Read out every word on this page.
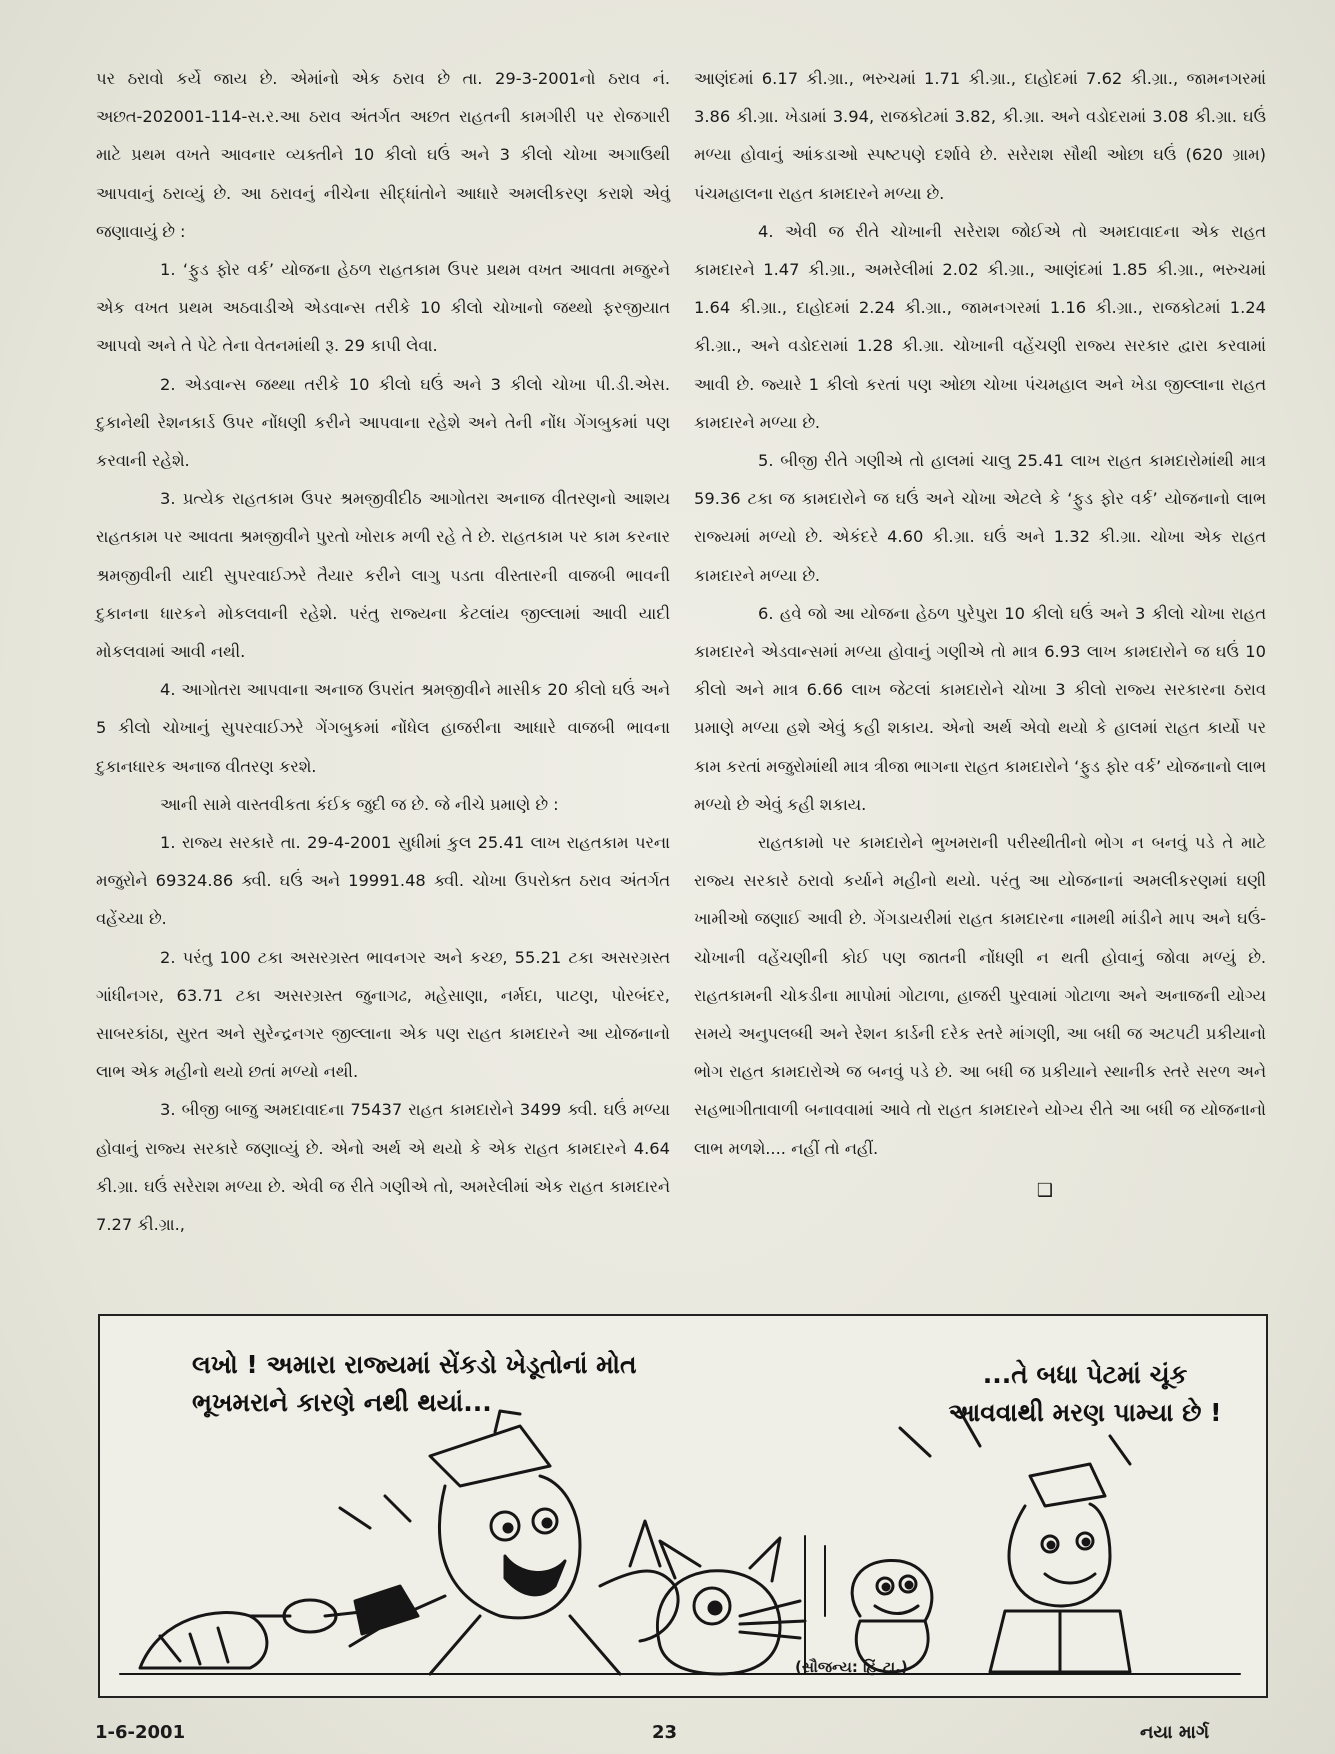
પર ઠરાવો કર્યે જાય છે. એમાંનો એક ઠરાવ છે તા. 29-3-2001નો ઠરાવ નં. અછત-202001-114-સ.ર.આ ઠરાવ અંતર્ગત અછત રાહતની કામગીરી પર રોજગારી માટે પ્રથમ વખતે આવનાર વ્યક્તીને 10 કીલો ઘઉં અને 3 કીલો ચોખા અગાઉથી આપવાનું ઠરાવ્યું છે. આ ઠરાવનું નીચેના સીદ્ધાંતોને આધારે અમલીકરણ કરાશે એવું જણાવાયું છે :

1. ‘ફુડ ફોર વર્ક’ યોજના હેઠળ રાહતકામ ઉપર પ્રથમ વખત આવતા મજુરને એક વખત પ્રથમ અઠવાડીએ એડવાન્સ તરીકે 10 કીલો ચોખાનો જથ્થો ફરજીયાત આપવો અને તે પેટે તેના વેતનમાંથી રૂ. 29 કાપી લેવા.

2. એડવાન્સ જથ્થા તરીકે 10 કીલો ઘઉં અને 3 કીલો ચોખા પી.ડી.એસ. દુકાનેથી રેશનકાર્ડ ઉપર નોંધણી કરીને આપવાના રહેશે અને તેની નોંધ ગેંગબુકમાં પણ કરવાની રહેશે.

3. પ્રત્યેક રાહતકામ ઉપર શ્રમજીવીદીઠ આગોતરા અનાજ વીતરણનો આશય રાહતકામ પર આવતા શ્રમજીવીને પુરતો ખોરાક મળી રહે તે છે. રાહતકામ પર કામ કરનાર શ્રમજીવીની યાદી સુપરવાઈઝરે તૈયાર કરીને લાગુ પડતા વીસ્તારની વાજબી ભાવની દુકાનના ધારકને મોકલવાની રહેશે. પરંતુ રાજ્યના કેટલાંય જીલ્લામાં આવી યાદી મોકલવામાં આવી નથી.

4. આગોતરા આપવાના અનાજ ઉપરાંત શ્રમજીવીને માસીક 20 કીલો ઘઉં અને 5 કીલો ચોખાનું સુપરવાઈઝરે ગેંગબુકમાં નોંધેલ હાજરીના આધારે વાજબી ભાવના દુકાનધારક અનાજ વીતરણ કરશે.

આની સામે વાસ્તવીકતા કંઈક જુદી જ છે. જે નીચે પ્રમાણે છે :

1. રાજ્ય સરકારે તા. 29-4-2001 સુધીમાં કુલ 25.41 લાખ રાહતકામ પરના મજુરોને 69324.86 ક્વી. ઘઉં અને 19991.48 ક્વી. ચોખા ઉપરોક્ત ઠરાવ અંતર્ગત વહેંચ્યા છે.

2. પરંતુ 100 ટકા અસરગ્રસ્ત ભાવનગર અને કચ્છ, 55.21 ટકા અસરગ્રસ્ત ગાંધીનગર, 63.71 ટકા અસરગ્રસ્ત જુનાગઢ, મહેસાણા, નર્મદા, પાટણ, પોરબંદર, સાબરકાંઠા, સુરત અને સુરેન્દ્રનગર જીલ્લાના એક પણ રાહત કામદારને આ યોજનાનો લાભ એક મહીનો થયો છતાં મળ્યો નથી.

3. બીજી બાજુ અમદાવાદના 75437 રાહત કામદારોને 3499 ક્વી. ઘઉં મળ્યા હોવાનું રાજ્ય સરકારે જણાવ્યું છે. એનો અર્થ એ થયો કે એક રાહત કામદારને 4.64 કી.ગ્રા. ઘઉં સરેરાશ મળ્યા છે. એવી જ રીતે ગણીએ તો, અમરેલીમાં એક રાહત કામદારને 7.27 કી.ગ્રા.,

આણંદમાં 6.17 કી.ગ્રા., ભરુચમાં 1.71 કી.ગ્રા., દાહોદમાં 7.62 કી.ગ્રા., જામનગરમાં 3.86 કી.ગ્રા. ખેડામાં 3.94, રાજકોટમાં 3.82, કી.ગ્રા. અને વડોદરામાં 3.08 કી.ગ્રા. ઘઉં મળ્યા હોવાનું આંકડાઓ સ્પષ્ટપણે દર્શાવે છે. સરેરાશ સૌથી ઓછા ઘઉં (620 ગ્રામ) પંચમહાલના રાહત કામદારને મળ્યા છે.

4. એવી જ રીતે ચોખાની સરેરાશ જોઈએ તો અમદાવાદના એક રાહત કામદારને 1.47 કી.ગ્રા., અમરેલીમાં 2.02 કી.ગ્રા., આણંદમાં 1.85 કી.ગ્રા., ભરુચમાં 1.64 કી.ગ્રા., દાહોદમાં 2.24 કી.ગ્રા., જામનગરમાં 1.16 કી.ગ્રા., રાજકોટમાં 1.24 કી.ગ્રા., અને વડોદરામાં 1.28 કી.ગ્રા. ચોખાની વહેંચણી રાજ્ય સરકાર દ્વારા કરવામાં આવી છે. જ્યારે 1 કીલો કરતાં પણ ઓછા ચોખા પંચમહાલ અને ખેડા જીલ્લાના રાહત કામદારને મળ્યા છે.

5. બીજી રીતે ગણીએ તો હાલમાં ચાલુ 25.41 લાખ રાહત કામદારોમાંથી માત્ર 59.36 ટકા જ કામદારોને જ ઘઉં અને ચોખા એટલે કે ‘ફુડ ફોર વર્ક’ યોજનાનો લાભ રાજ્યમાં મળ્યો છે. એકંદરે 4.60 કી.ગ્રા. ઘઉં અને 1.32 કી.ગ્રા. ચોખા એક રાહત કામદારને મળ્યા છે.

6. હવે જો આ યોજના હેઠળ પુરેપુરા 10 કીલો ઘઉં અને 3 કીલો ચોખા રાહત કામદારને એડવાન્સમાં મળ્યા હોવાનું ગણીએ તો માત્ર 6.93 લાખ કામદારોને જ ઘઉં 10 કીલો અને માત્ર 6.66 લાખ જેટલાં કામદારોને ચોખા 3 કીલો રાજ્ય સરકારના ઠરાવ પ્રમાણે મળ્યા હશે એવું કહી શકાય. એનો અર્થ એવો થયો કે હાલમાં રાહત કાર્યો પર કામ કરતાં મજુરોમાંથી માત્ર ત્રીજા ભાગના રાહત કામદારોને ‘ફુડ ફોર વર્ક’ યોજનાનો લાભ મળ્યો છે એવું કહી શકાય.

રાહતકામો પર કામદારોને ભુખમરાની પરીસ્થીતીનો ભોગ ન બનવું પડે તે માટે રાજ્ય સરકારે ઠરાવો કર્યાને મહીનો થયો. પરંતુ આ યોજનાનાં અમલીકરણમાં ઘણી ખામીઓ જણાઈ આવી છે. ગેંગડાયરીમાં રાહત કામદારના નામથી માંડીને માપ અને ઘઉં-ચોખાની વહેંચણીની કોઈ પણ જાતની નોંધણી ન થતી હોવાનું જોવા મળ્યું છે. રાહતકામની ચોકડીના માપોમાં ગોટાળા, હાજરી પુરવામાં ગોટાળા અને અનાજની યોગ્ય સમયે અનુપલબ્ધી અને રેશન કાર્ડની દરેક સ્તરે માંગણી, આ બધી જ અટપટી પ્રકીયાનો ભોગ રાહત કામદારોએ જ બનવું પડે છે. આ બધી જ પ્રકીયાને સ્થાનીક સ્તરે સરળ અને સહભાગીતાવાળી બનાવવામાં આવે તો રાહત કામદારને યોગ્ય રીતે આ બધી જ યોજનાનો લાભ મળશે.... નહીં તો નહીં.

❑
લખો ! અમારા રાજ્યમાં સેંકડો ખેડૂતોનાં મોત
ભૂખમરાને કારણે નથી થયાં...
...તે બધા પેટમાં ચૂંક
આવવાથી મરણ પામ્યા છે !
(સૌજન્ય: હિં.ટા.)
1-6-2001	23	નયા માર્ગ
